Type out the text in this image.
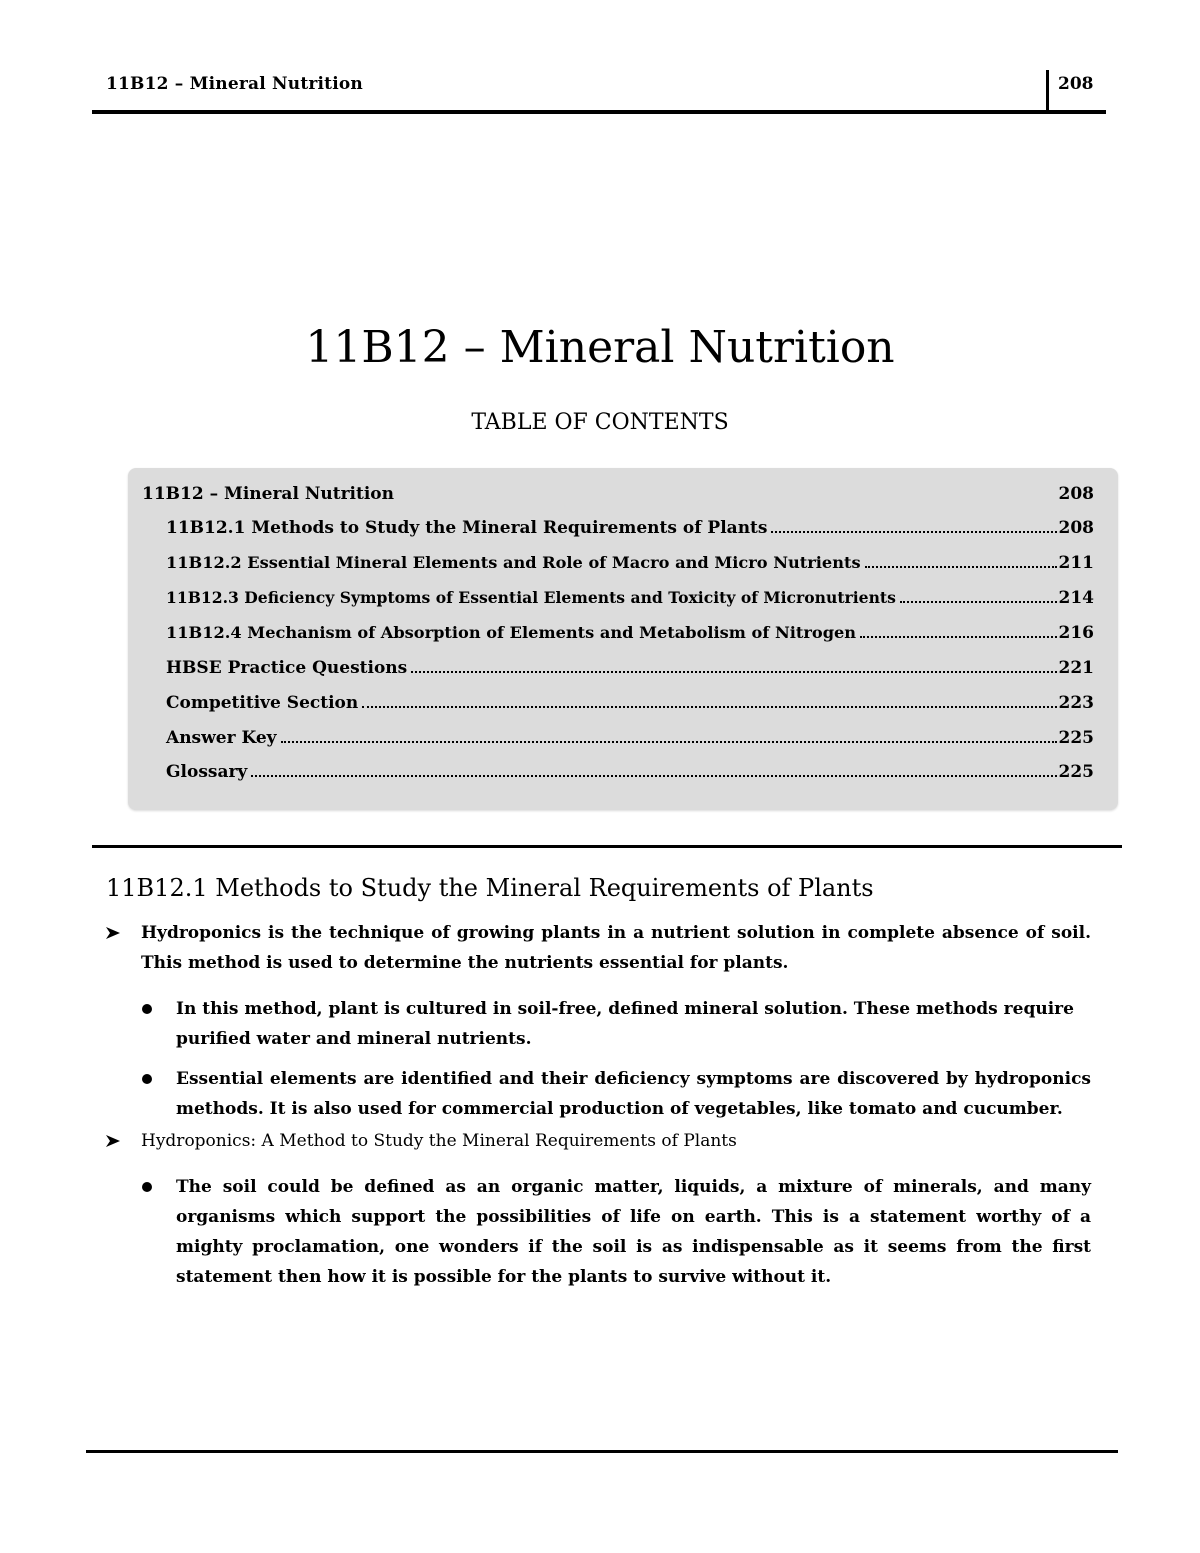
11B12 – Mineral Nutrition	208
11B12 – Mineral Nutrition
TABLE OF CONTENTS
11B12 – Mineral Nutrition	208
11B12.1 Methods to Study the Mineral Requirements of Plants	208
11B12.2 Essential Mineral Elements and Role of Macro and Micro Nutrients	211
11B12.3 Deficiency Symptoms of Essential Elements and Toxicity of Micronutrients	214
11B12.4 Mechanism of Absorption of Elements and Metabolism of Nitrogen	216
HBSE Practice Questions	221
Competitive Section	223
Answer Key	225
Glossary	225
11B12.1 Methods to Study the Mineral Requirements of Plants
Hydroponics is the technique of growing plants in a nutrient solution in complete absence of soil. This method is used to determine the nutrients essential for plants.
In this method, plant is cultured in soil-free, defined mineral solution. These methods require purified water and mineral nutrients.
Essential elements are identified and their deficiency symptoms are discovered by hydroponics methods. It is also used for commercial production of vegetables, like tomato and cucumber.
Hydroponics: A Method to Study the Mineral Requirements of Plants
The soil could be defined as an organic matter, liquids, a mixture of minerals, and many organisms which support the possibilities of life on earth. This is a statement worthy of a mighty proclamation, one wonders if the soil is as indispensable as it seems from the first statement then how it is possible for the plants to survive without it.
